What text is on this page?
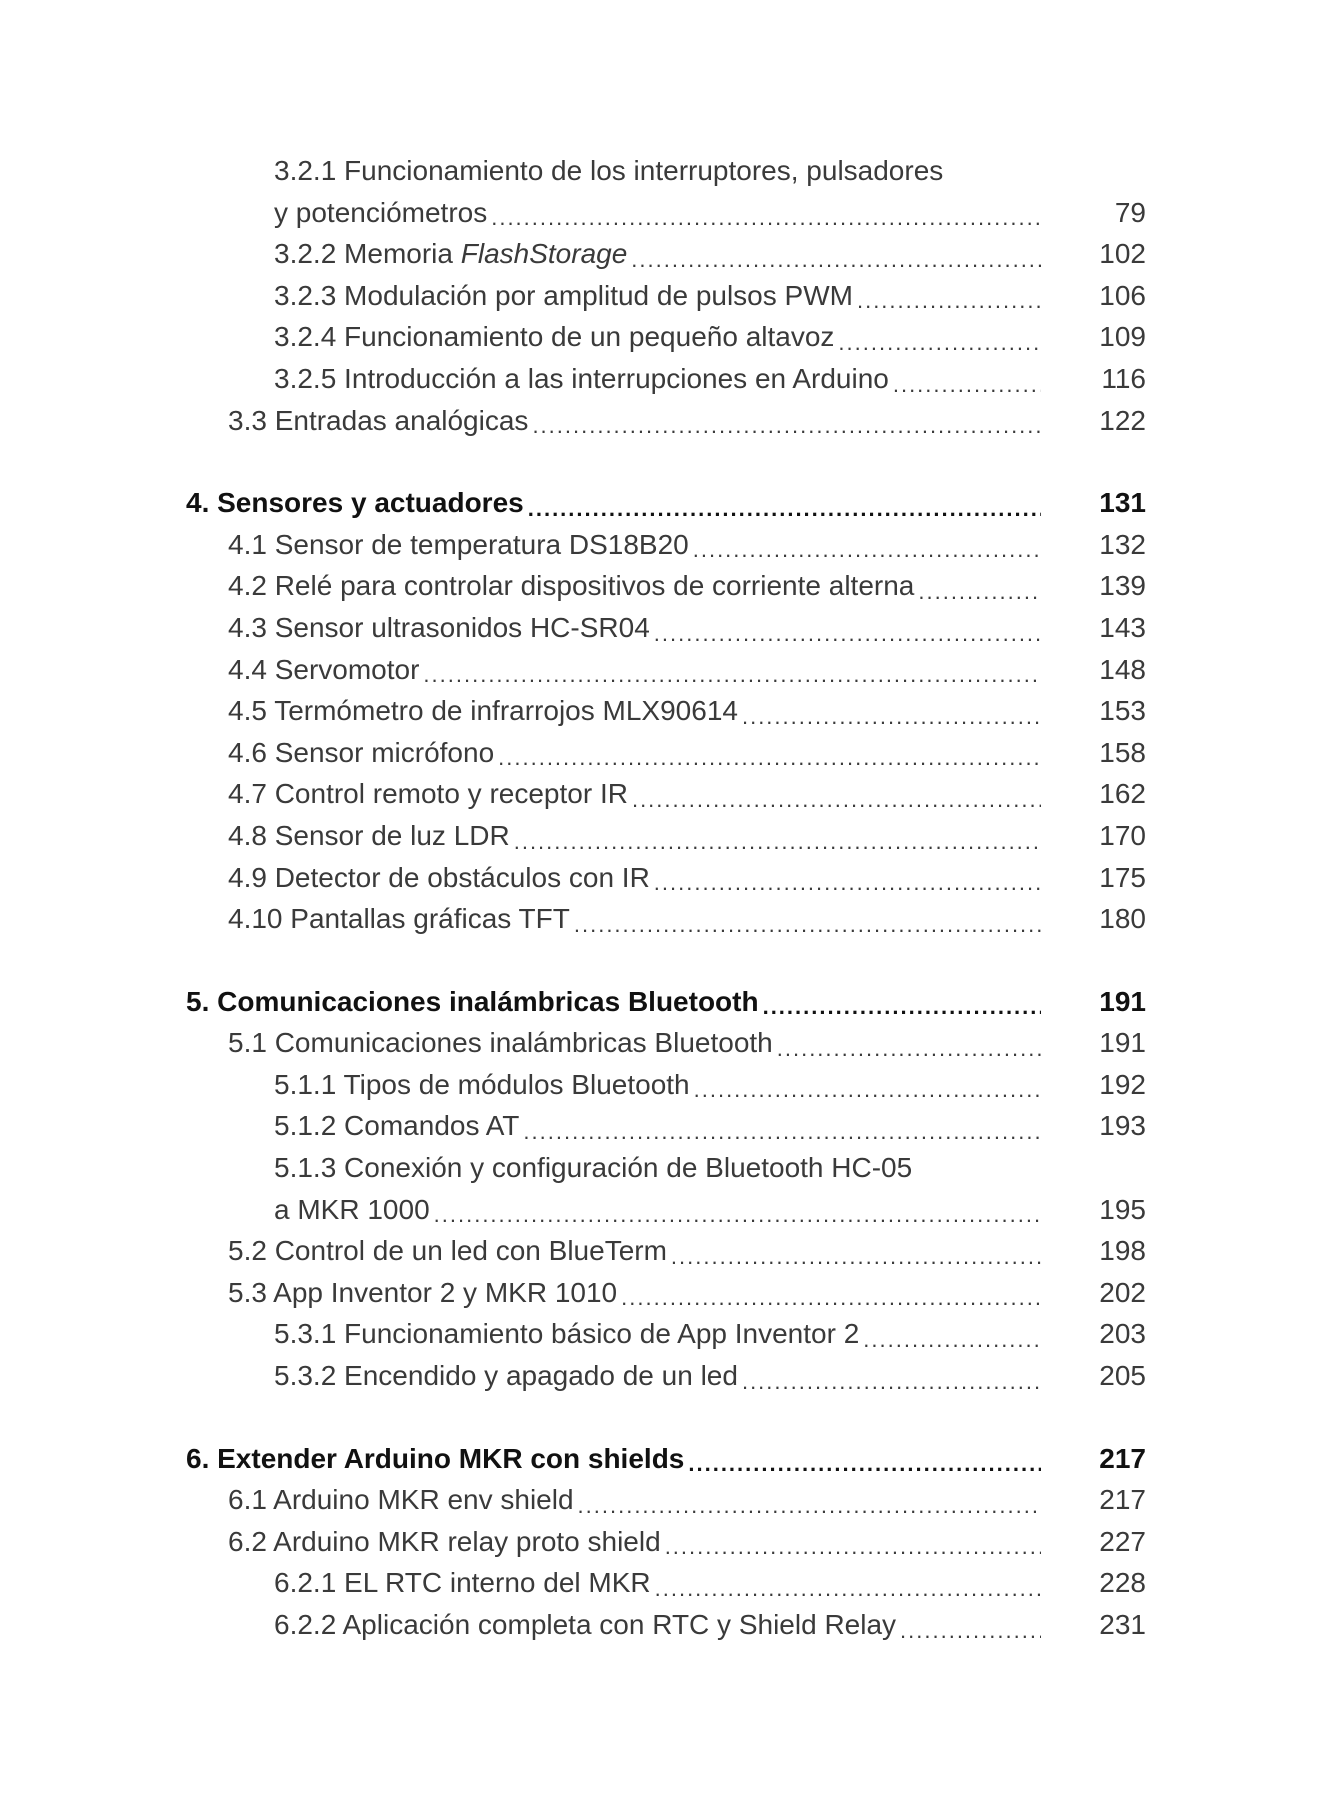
3.2.1 Funcionamiento de los interruptores, pulsadores
y potenciómetros .....	79
3.2.2 Memoria FlashStorage .....	102
3.2.3 Modulación por amplitud de pulsos PWM .....	106
3.2.4 Funcionamiento de un pequeño altavoz .....	109
3.2.5 Introducción a las interrupciones en Arduino .....	116
3.3 Entradas analógicas .....	122
4. Sensores y actuadores .....	131
4.1 Sensor de temperatura DS18B20 .....	132
4.2 Relé para controlar dispositivos de corriente alterna .....	139
4.3 Sensor ultrasonidos HC-SR04 .....	143
4.4 Servomotor .....	148
4.5 Termómetro de infrarrojos MLX90614 .....	153
4.6 Sensor micrófono .....	158
4.7 Control remoto y receptor IR .....	162
4.8 Sensor de luz LDR .....	170
4.9 Detector de obstáculos con IR .....	175
4.10 Pantallas gráficas TFT .....	180
5. Comunicaciones inalámbricas Bluetooth .....	191
5.1 Comunicaciones inalámbricas Bluetooth .....	191
5.1.1 Tipos de módulos Bluetooth .....	192
5.1.2 Comandos AT .....	193
5.1.3 Conexión y configuración de Bluetooth HC-05
a MKR 1000 .....	195
5.2 Control de un led con BlueTerm .....	198
5.3 App Inventor 2 y MKR 1010 .....	202
5.3.1 Funcionamiento básico de App Inventor 2 .....	203
5.3.2 Encendido y apagado de un led .....	205
6. Extender Arduino MKR con shields .....	217
6.1 Arduino MKR env shield .....	217
6.2 Arduino MKR relay proto shield .....	227
6.2.1 EL RTC interno del MKR .....	228
6.2.2 Aplicación completa con RTC y Shield Relay .....	231
